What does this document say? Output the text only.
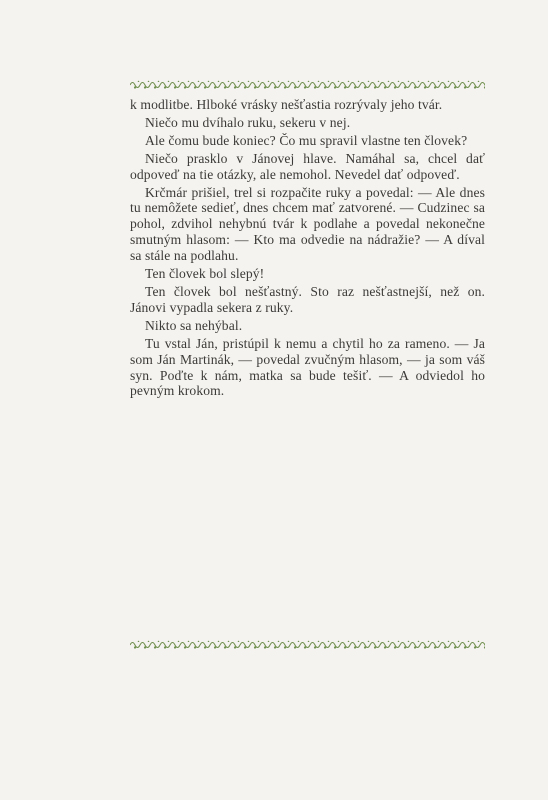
k modlitbe. Hlboké vrásky nešťastia rozrývaly jeho tvár.

Niečo mu dvíhalo ruku, sekeru v nej.

Ale čomu bude koniec? Čo mu spravil vlastne ten človek?

Niečo prasklo v Jánovej hlave. Namáhal sa, chcel dať odpoveď na tie otázky, ale nemohol. Nevedel dať odpoveď.

Krčmár prišiel, trel si rozpačite ruky a povedal: — Ale dnes tu nemôžete sedieť, dnes chcem mať zatvorené. — Cudzinec sa pohol, zdvihol nehybnú tvár k podlahe a povedal nekonečne smutným hlasom: — Kto ma odvedie na nádražie? — A díval sa stále na podlahu.

Ten človek bol slepý!

Ten človek bol nešťastný. Sto raz nešťastnejší, než on. Jánovi vypadla sekera z ruky.

Nikto sa nehýbal.

Tu vstal Ján, pristúpil k nemu a chytil ho za rameno. — Ja som Ján Martinák, — povedal zvučným hlasom, — ja som váš syn. Poďte k nám, matka sa bude tešiť. — A odviedol ho pevným krokom.
